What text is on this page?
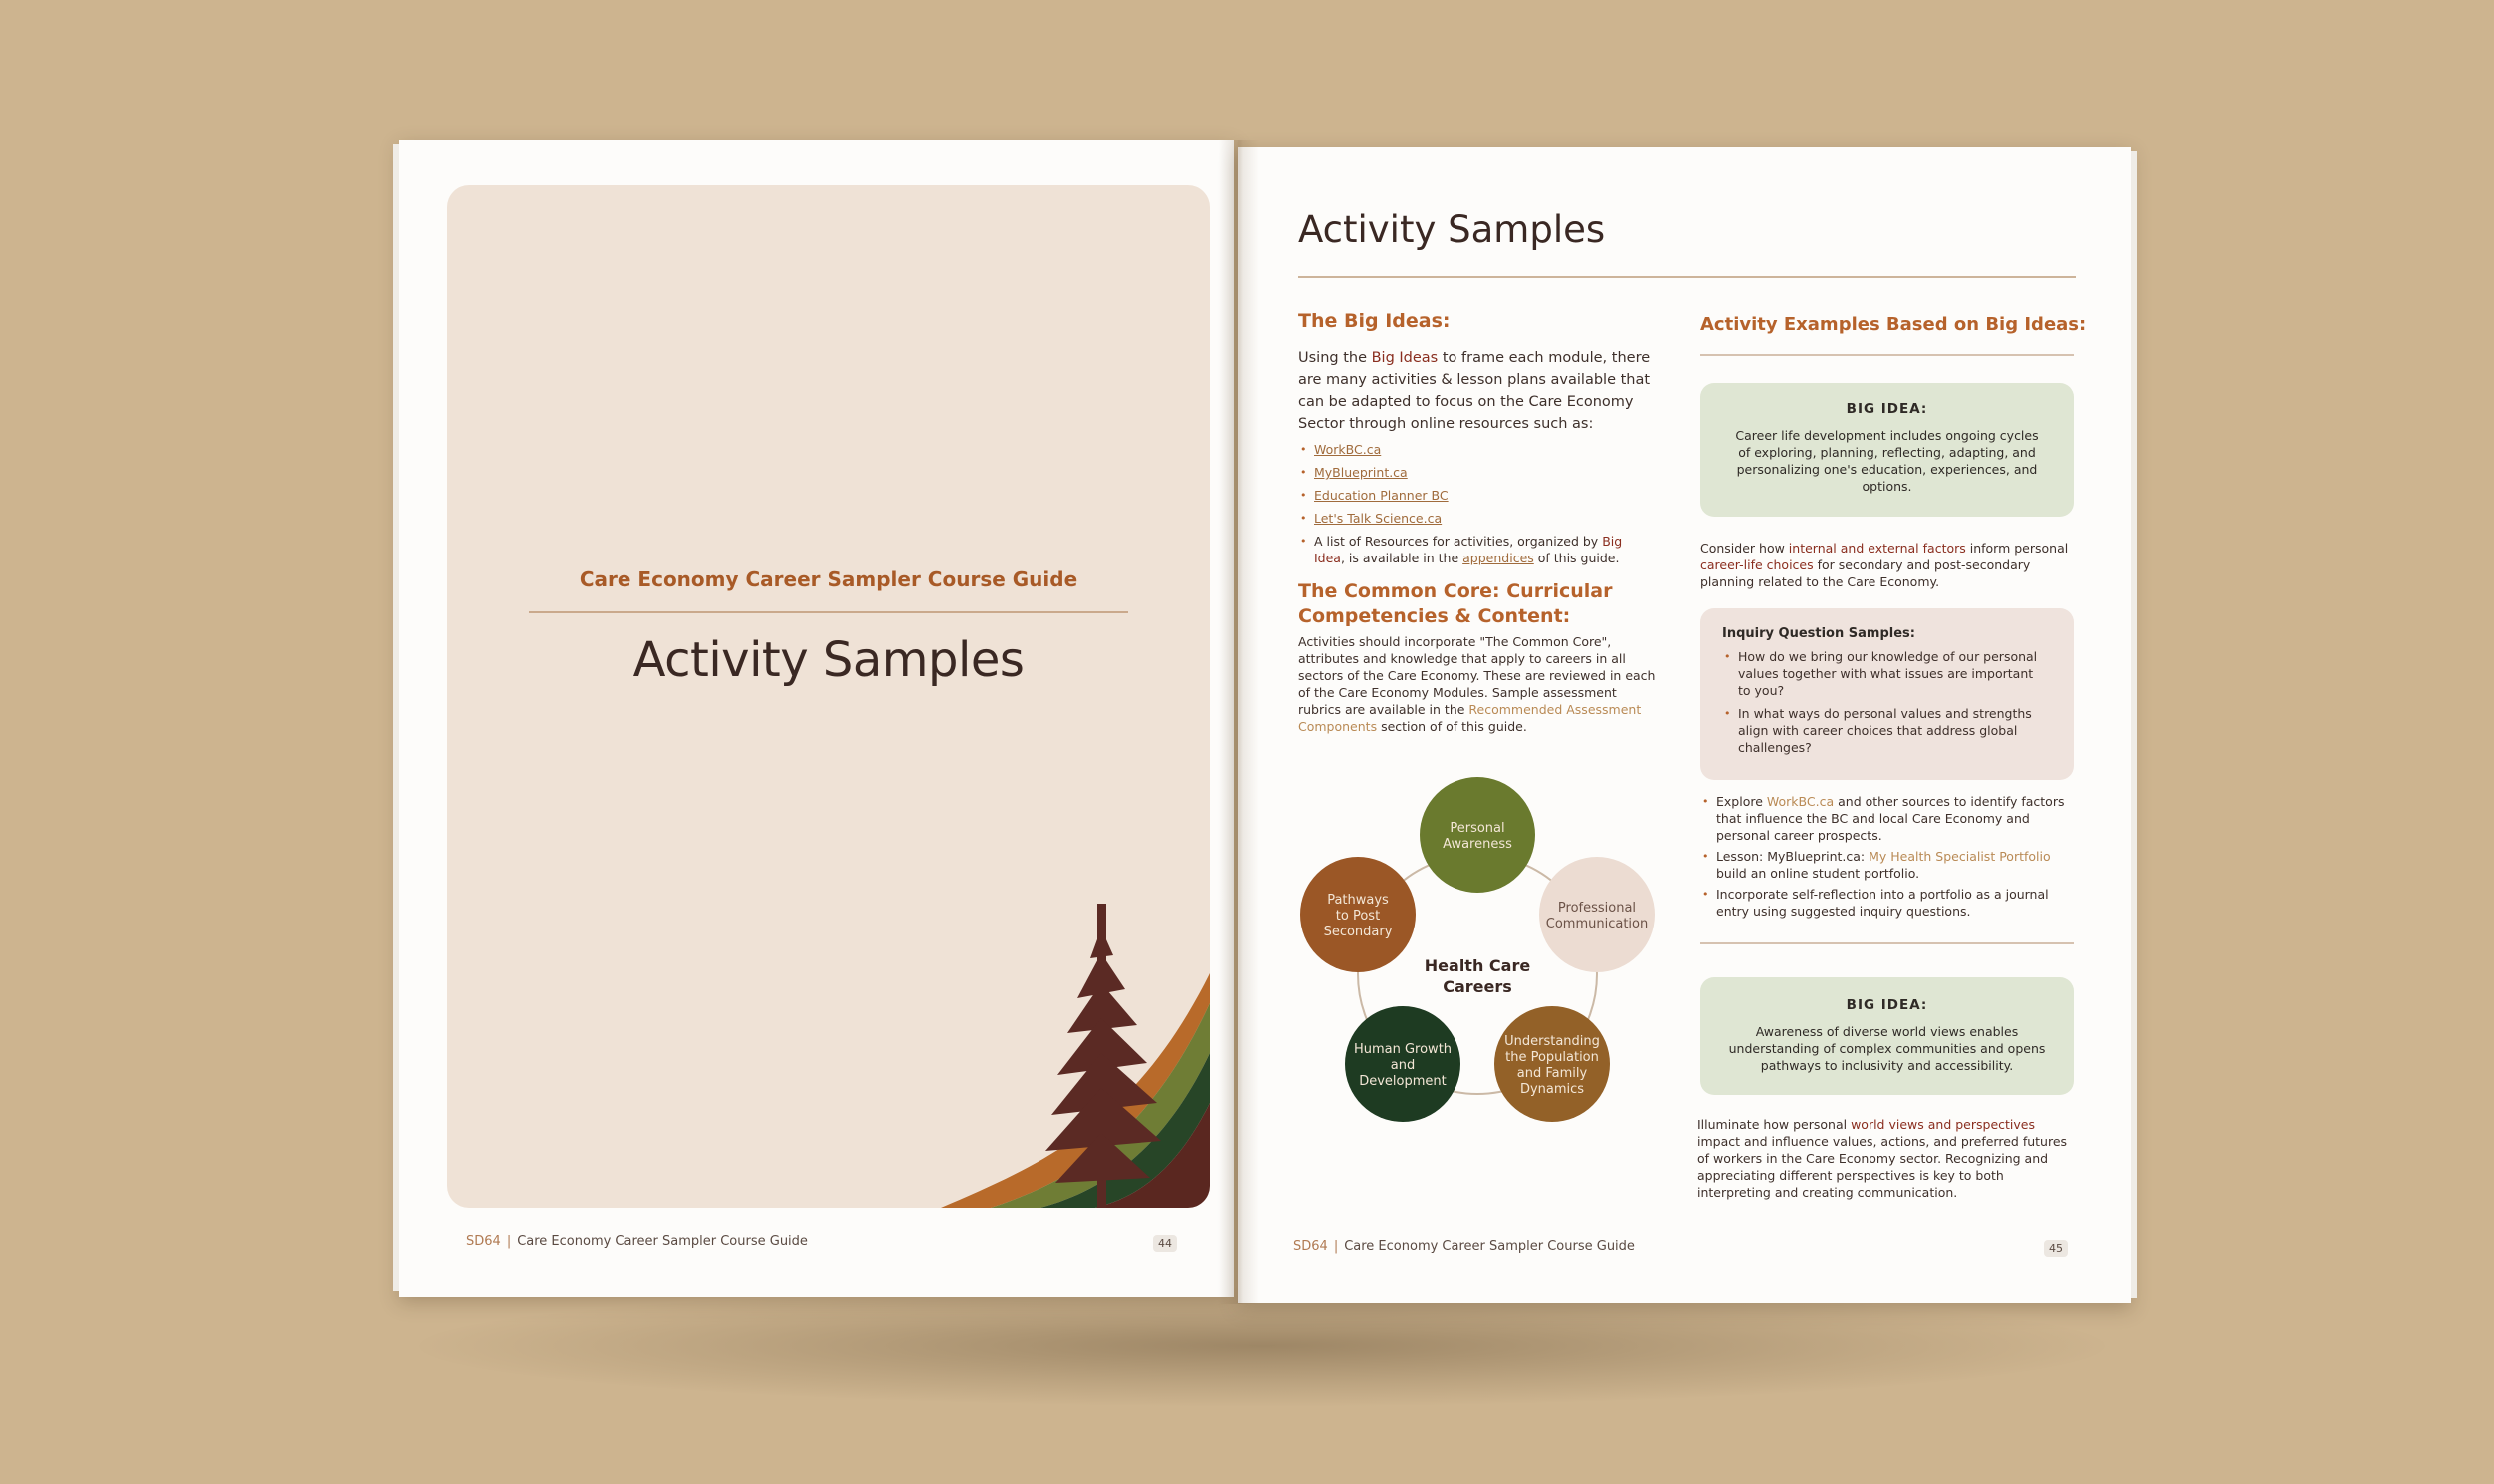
Care Economy Career Sampler Course Guide
Activity Samples
SD64 | Care Economy Career Sampler Course Guide	44
Activity Samples
The Big Ideas:
Using the Big Ideas to frame each module, there are many activities & lesson plans available that can be adapted to focus on the Care Economy Sector through online resources such as:
• WorkBC.ca
• MyBlueprint.ca
• Education Planner BC
• Let's Talk Science.ca
• A list of Resources for activities, organized by Big Idea, is available in the appendices of this guide.
The Common Core: Curricular Competencies & Content:
Activities should incorporate "The Common Core", attributes and knowledge that apply to careers in all sectors of the Care Economy. These are reviewed in each of the Care Economy Modules. Sample assessment rubrics are available in the Recommended Assessment Components section of of this guide.
Health Care
Careers
Personal
Awareness
Professional
Communication
Understanding
the Population
and Family
Dynamics
Human Growth
and
Development
Pathways
to Post
Secondary
Activity Examples Based on Big Ideas:
BIG IDEA:
Career life development includes ongoing cycles of exploring, planning, reflecting, adapting, and personalizing one's education, experiences, and options.
Consider how internal and external factors inform personal career-life choices for secondary and post-secondary planning related to the Care Economy.
Inquiry Question Samples:
• How do we bring our knowledge of our personal values together with what issues are important to you?
• In what ways do personal values and strengths align with career choices that address global challenges?
• Explore WorkBC.ca and other sources to identify factors that influence the BC and local Care Economy and personal career prospects.
• Lesson: MyBlueprint.ca: My Health Specialist Portfolio build an online student portfolio.
• Incorporate self-reflection into a portfolio as a journal entry using suggested inquiry questions.
BIG IDEA:
Awareness of diverse world views enables understanding of complex communities and opens pathways to inclusivity and accessibility.
Illuminate how personal world views and perspectives impact and influence values, actions, and preferred futures of workers in the Care Economy sector. Recognizing and appreciating different perspectives is key to both interpreting and creating communication.
SD64 | Care Economy Career Sampler Course Guide	45
